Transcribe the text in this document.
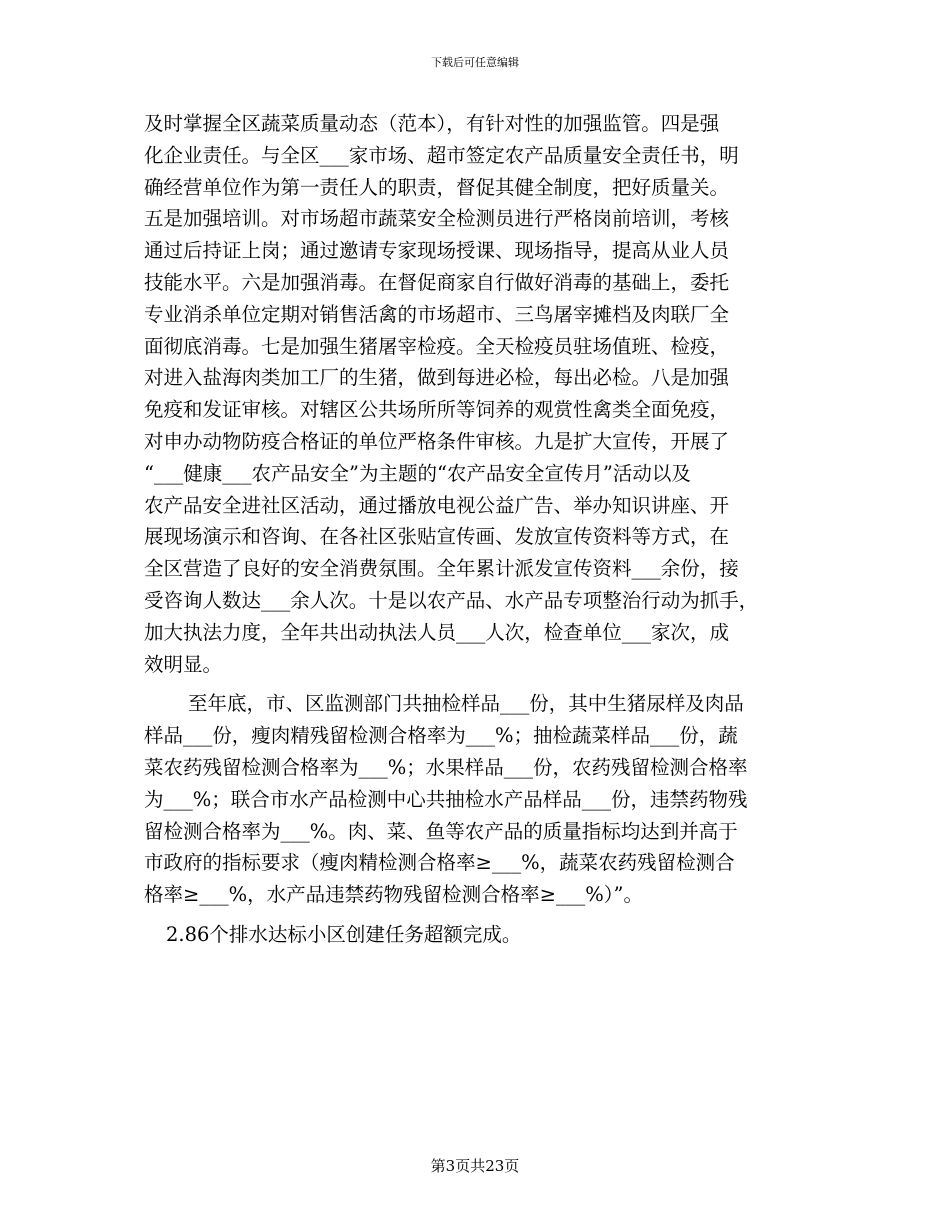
下载后可任意编辑
及时掌握全区蔬菜质量动态（范本），有针对性的加强监管。四是强
化企业责任。与全区___家市场、超市签定农产品质量安全责任书，明
确经营单位作为第一责任人的职责，督促其健全制度，把好质量关。
五是加强培训。对市场超市蔬菜安全检测员进行严格岗前培训，考核
通过后持证上岗；通过邀请专家现场授课、现场指导，提高从业人员
技能水平。六是加强消毒。在督促商家自行做好消毒的基础上，委托
专业消杀单位定期对销售活禽的市场超市、三鸟屠宰摊档及肉联厂全
面彻底消毒。七是加强生猪屠宰检疫。全天检疫员驻场值班、检疫，
对进入盐海肉类加工厂的生猪，做到每进必检，每出必检。八是加强
免疫和发证审核。对辖区公共场所所等饲养的观赏性禽类全面免疫，
对申办动物防疫合格证的单位严格条件审核。九是扩大宣传，开展了
“___健康___农产品安全”为主题的“农产品安全宣传月”活动以及
农产品安全进社区活动，通过播放电视公益广告、举办知识讲座、开
展现场演示和咨询、在各社区张贴宣传画、发放宣传资料等方式，在
全区营造了良好的安全消费氛围。全年累计派发宣传资料___余份，接
受咨询人数达___余人次。十是以农产品、水产品专项整治行动为抓手，
加大执法力度，全年共出动执法人员___人次，检查单位___家次，成
效明显。
至年底，市、区监测部门共抽检样品___份，其中生猪尿样及肉品
样品___份，瘦肉精残留检测合格率为___%；抽检蔬菜样品___份，蔬
菜农药残留检测合格率为___%；水果样品___份，农药残留检测合格率
为___%；联合市水产品检测中心共抽检水产品样品___份，违禁药物残
留检测合格率为___%。肉、菜、鱼等农产品的质量指标均达到并高于
市政府的指标要求（瘦肉精检测合格率≥___%，蔬菜农药残留检测合
格率≥___%，水产品违禁药物残留检测合格率≥___%）”。
2.86个排水达标小区创建任务超额完成。
第3页共23页
